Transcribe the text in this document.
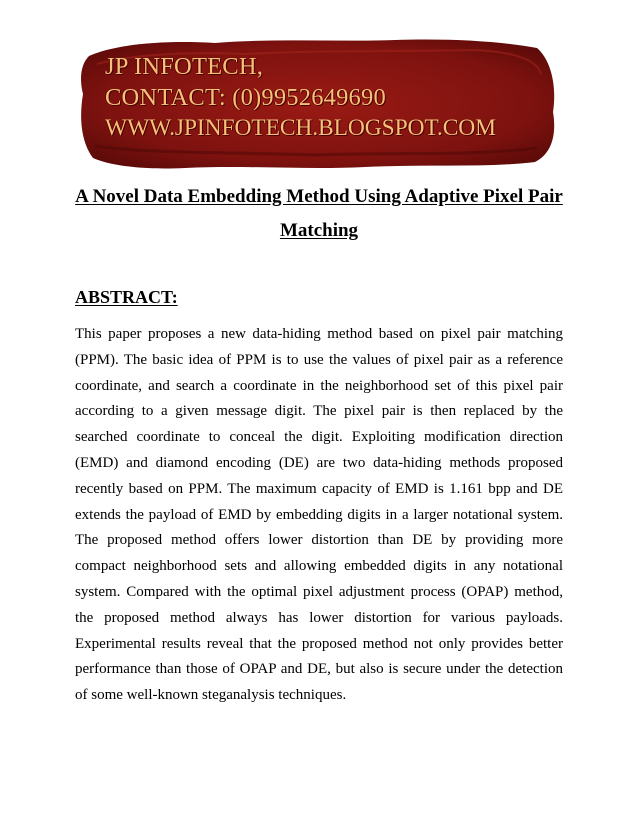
JP INFOTECH,
CONTACT: (0)9952649690
WWW.JPINFOTECH.BLOGSPOT.COM
A Novel Data Embedding Method Using Adaptive Pixel Pair
Matching
ABSTRACT:

This paper proposes a new data-hiding method based on pixel pair matching (PPM). The basic idea of PPM is to use the values of pixel pair as a reference coordinate, and search a coordinate in the neighborhood set of this pixel pair according to a given message digit. The pixel pair is then replaced by the searched coordinate to conceal the digit. Exploiting modification direction (EMD) and diamond encoding (DE) are two data-hiding methods proposed recently based on PPM. The maximum capacity of EMD is 1.161 bpp and DE extends the payload of EMD by embedding digits in a larger notational system. The proposed method offers lower distortion than DE by providing more compact neighborhood sets and allowing embedded digits in any notational system. Compared with the optimal pixel adjustment process (OPAP) method, the proposed method always has lower distortion for various payloads. Experimental results reveal that the proposed method not only provides better performance than those of OPAP and DE, but also is secure under the detection of some well-known steganalysis techniques.
